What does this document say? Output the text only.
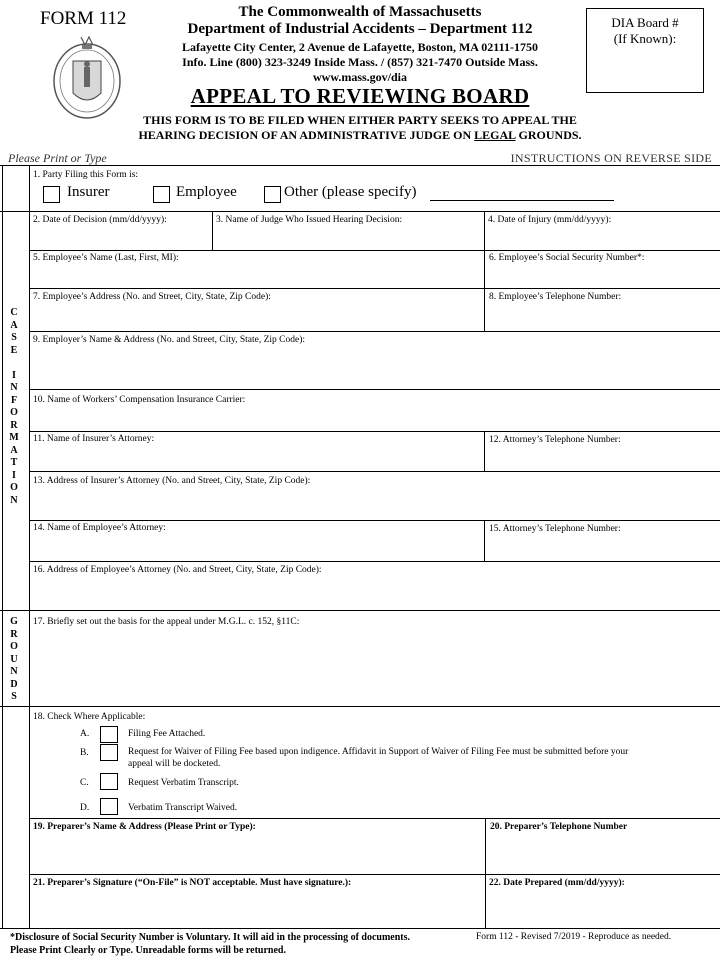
FORM 112	The Commonwealth of Massachusetts
Department of Industrial Accidents – Department 112
Lafayette City Center, 2 Avenue de Lafayette, Boston, MA 02111-1750
Info. Line (800) 323-3249 Inside Mass. / (857) 321-7470 Outside Mass.
www.mass.gov/dia
DIA Board #
(If Known):
APPEAL TO REVIEWING BOARD
THIS FORM IS TO BE FILED WHEN EITHER PARTY SEEKS TO APPEAL THE
HEARING DECISION OF AN ADMINISTRATIVE JUDGE ON LEGAL GROUNDS.
Please Print or Type	INSTRUCTIONS ON REVERSE SIDE
1. Party Filing this Form is:
Insurer	Employee	Other (please specify)
C
A
S
E

I
N
F
O
R
M
A
T
I
O
N
G
R
O
U
N
D
S
2. Date of Decision (mm/dd/yyyy):	3. Name of Judge Who Issued Hearing Decision:	4. Date of Injury (mm/dd/yyyy):
5. Employee’s Name (Last, First, MI):	6. Employee’s Social Security Number*:
7. Employee’s Address (No. and Street, City, State, Zip Code):	8. Employee’s Telephone Number:
9. Employer’s Name & Address (No. and Street, City, State, Zip Code):
10. Name of Workers’ Compensation Insurance Carrier:
11. Name of Insurer’s Attorney:	12. Attorney’s Telephone Number:
13. Address of Insurer’s Attorney (No. and Street, City, State, Zip Code):
14. Name of Employee’s Attorney:	15. Attorney’s Telephone Number:
16. Address of Employee’s Attorney (No. and Street, City, State, Zip Code):
17. Briefly set out the basis for the appeal under M.G.L. c. 152, §11C:
18. Check Where Applicable:
A.	Filing Fee Attached.
B.	Request for Waiver of Filing Fee based upon indigence. Affidavit in Support of Waiver of Filing Fee must be submitted before your
appeal will be docketed.
C.	Request Verbatim Transcript.
D.	Verbatim Transcript Waived.
19. Preparer’s Name & Address (Please Print or Type):	20. Preparer’s Telephone Number
21. Preparer’s Signature (“On-File” is NOT acceptable. Must have signature.):	22. Date Prepared (mm/dd/yyyy):
*Disclosure of Social Security Number is Voluntary. It will aid in the processing of documents.
Please Print Clearly or Type. Unreadable forms will be returned.
Form 112 - Revised 7/2019 - Reproduce as needed.
